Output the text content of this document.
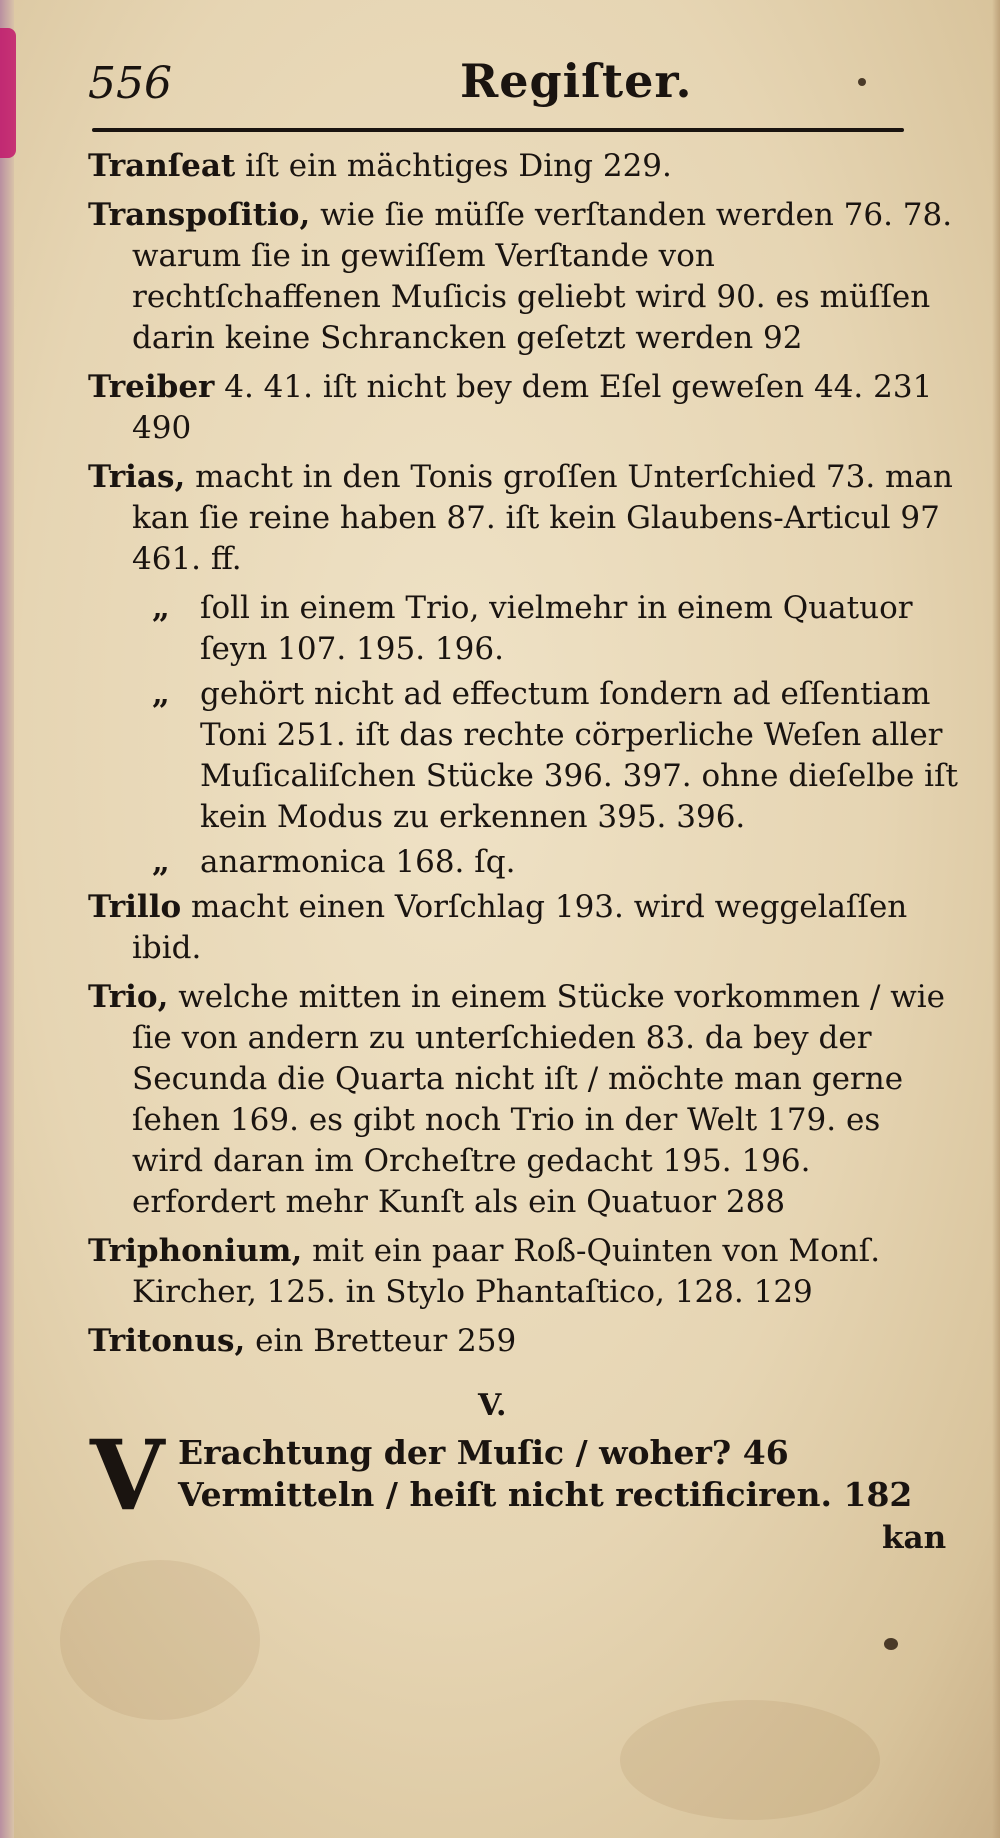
556	Regiſter.
Tranſeat iſt ein mächtiges Ding 229.
Transpoſitio, wie ſie müſſe verſtanden werden 76. 78. warum ſie in gewiſſem Verſtande von rechtſchaffenen Muſicis geliebt wird 90. es müſſen darin keine Schrancken geſetzt werden 92
Treiber 4. 41. iſt nicht bey dem Eſel geweſen 44. 231 490
Trias, macht in den Tonis groſſen Unterſchied 73. man kan ſie reine haben 87. iſt kein Glaubens-Articul 97 461. ff.
„ ſoll in einem Trio, vielmehr in einem Quatuor ſeyn 107. 195. 196.
„ gehört nicht ad effectum ſondern ad eſſentiam Toni 251. iſt das rechte cörperliche Weſen aller Muſicaliſchen Stücke 396. 397. ohne dieſelbe iſt kein Modus zu erkennen 395. 396.
„ anarmonica 168. ſq.
Trillo macht einen Vorſchlag 193. wird weggelaſſen ibid.
Trio, welche mitten in einem Stücke vorkommen / wie ſie von andern zu unterſchieden 83. da bey der Secunda die Quarta nicht iſt / möchte man gerne ſehen 169. es gibt noch Trio in der Welt 179. es wird daran im Orcheſtre gedacht 195. 196. erfordert mehr Kunſt als ein Quatuor 288
Triphonium, mit ein paar Roß-Quinten von Monſ. Kircher, 125. in Stylo Phantaſtico, 128. 129
Tritonus, ein Bretteur 259
V.
V Erachtung der Muſic / woher? 46
Vermitteln / heiſt nicht rectificiren. 182
kan
